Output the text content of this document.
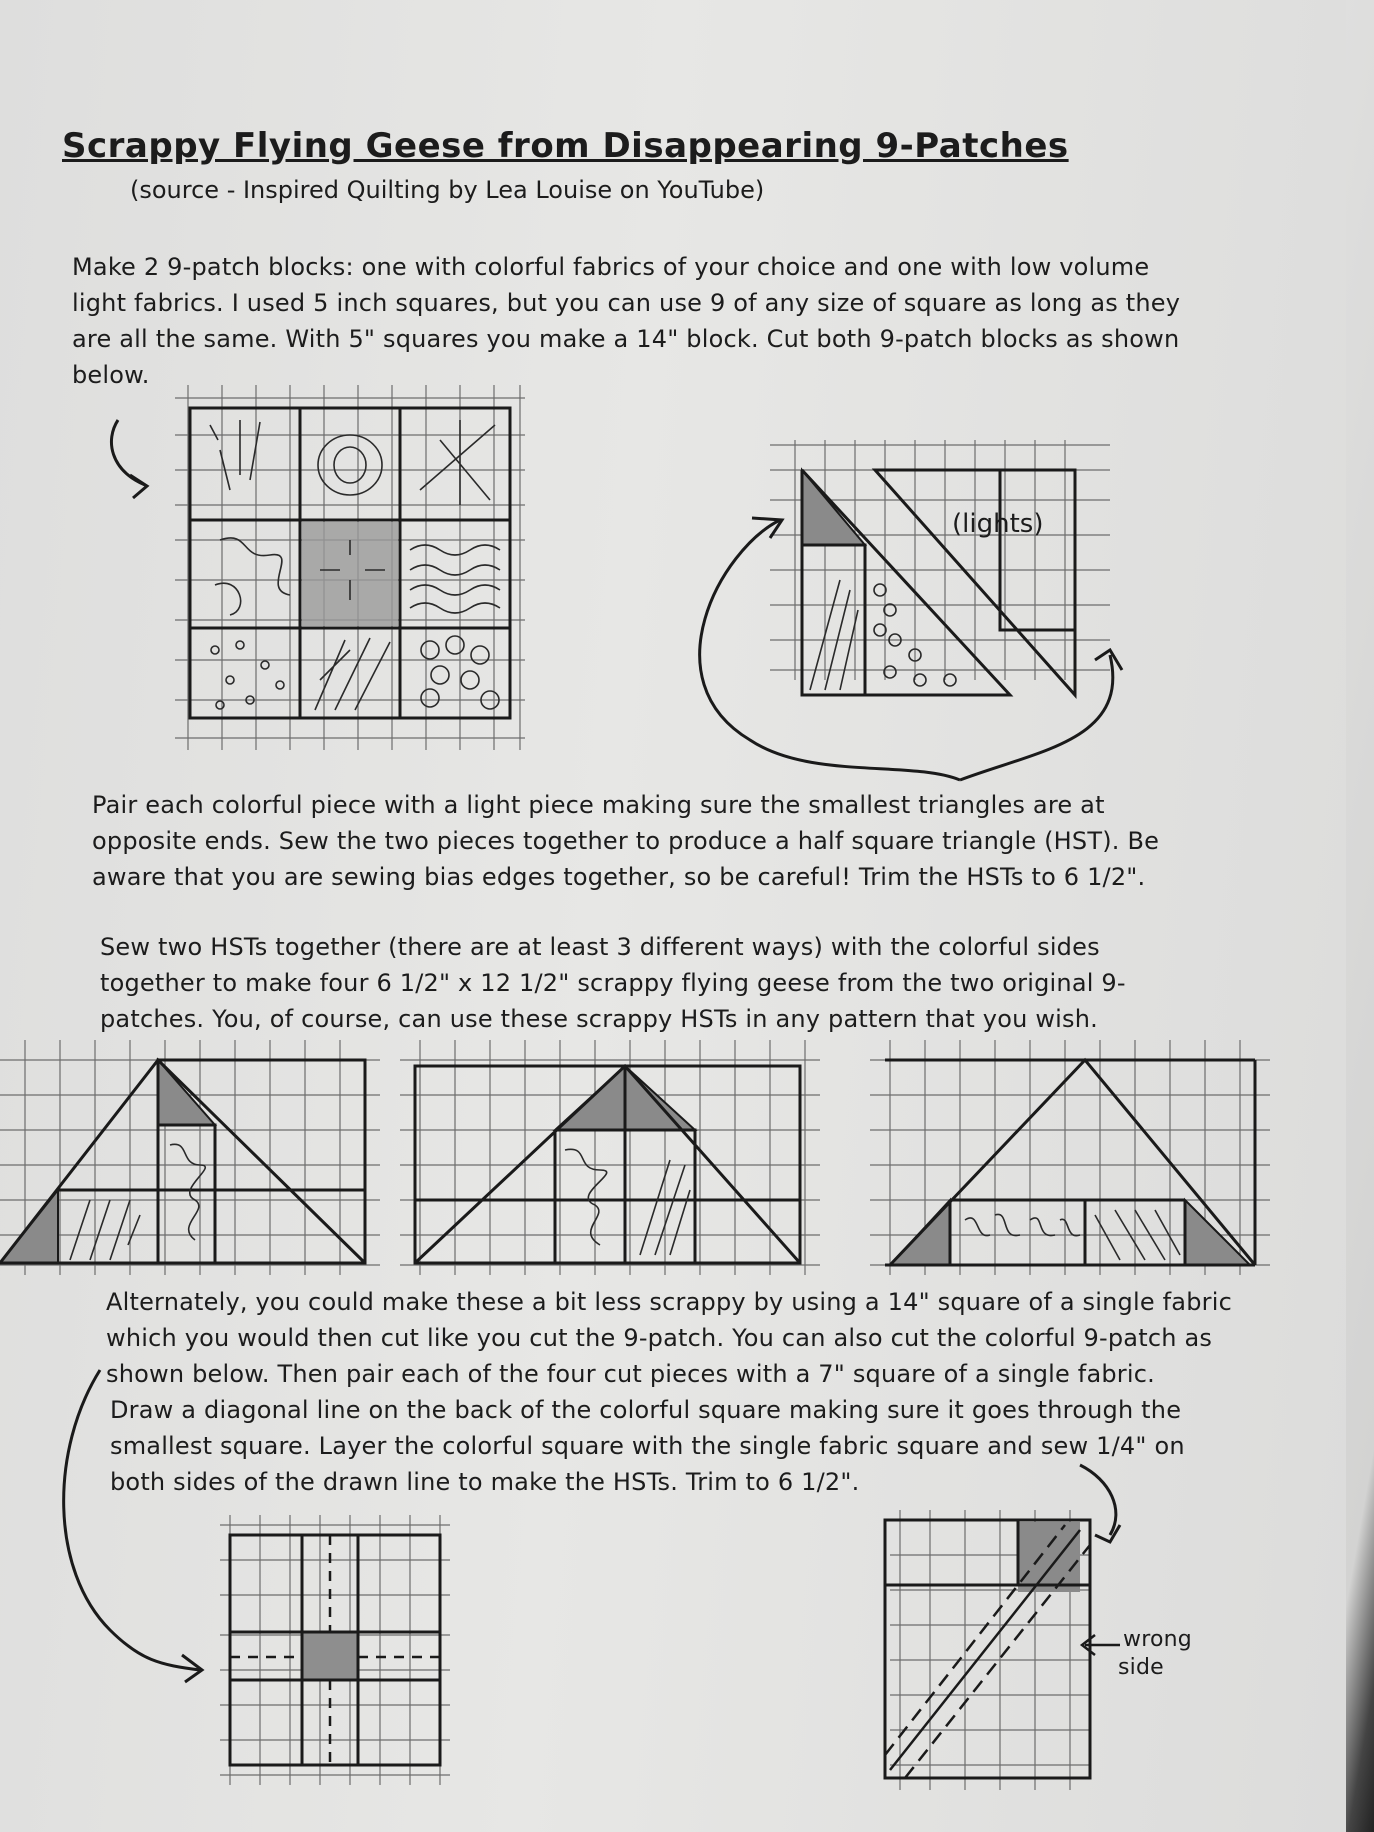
Scrappy Flying Geese from Disappearing 9-Patches
(source - Inspired Quilting by Lea Louise on YouTube)
Make 2 9-patch blocks: one with colorful fabrics of your choice and one with low volume
light fabrics. I used 5 inch squares, but you can use 9 of any size of square as long as they
are all the same. With 5" squares you make a 14" block. Cut both 9-patch blocks as shown
below.
(lights)
Pair each colorful piece with a light piece making sure the smallest triangles are at
opposite ends. Sew the two pieces together to produce a half square triangle (HST). Be
aware that you are sewing bias edges together, so be careful! Trim the HSTs to 6 1/2".
Sew two HSTs together (there are at least 3 different ways) with the colorful sides
together to make four 6 1/2" x 12 1/2" scrappy flying geese from the two original 9-
patches. You, of course, can use these scrappy HSTs in any pattern that you wish.
Alternately, you could make these a bit less scrappy by using a 14" square of a single fabric
which you would then cut like you cut the 9-patch. You can also cut the colorful 9-patch as
shown below. Then pair each of the four cut pieces with a 7" square of a single fabric.
Draw a diagonal line on the back of the colorful square making sure it goes through the
smallest square. Layer the colorful square with the single fabric square and sew 1/4" on
both sides of the drawn line to make the HSTs. Trim to 6 1/2".
wrong
side
